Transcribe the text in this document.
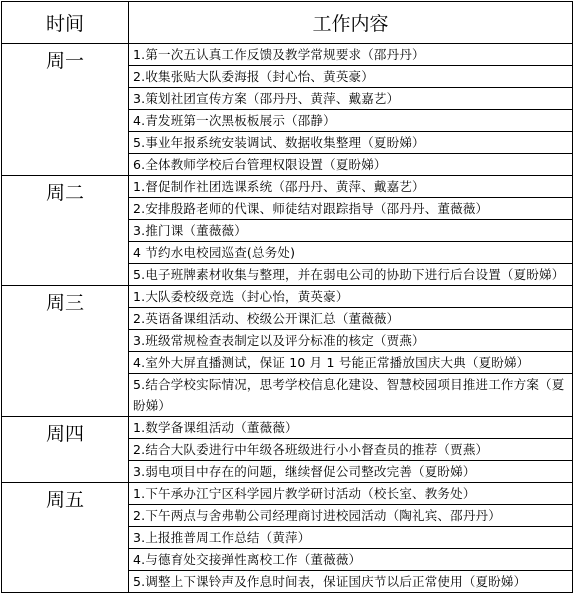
时间	工作内容
周一	1.第一次五认真工作反馈及教学常规要求（邵丹丹）
	2.收集张贴大队委海报（封心怡、黄英豪）
	3.策划社团宣传方案（邵丹丹、黄萍、戴嘉艺）
	4.青发班第一次黑板板展示（邵静）
	5.事业年报系统安装调试、数据收集整理（夏盼娣）
	6.全体教师学校后台管理权限设置（夏盼娣）
周二	1.督促制作社团选课系统（邵丹丹、黄萍、戴嘉艺）
	2.安排殷路老师的代课、师徒结对跟踪指导（邵丹丹、董薇薇）
	3.推门课（董薇薇）
	4 节约水电校园巡查(总务处)
	5.电子班牌素材收集与整理，并在弱电公司的协助下进行后台设置（夏盼娣）
周三	1.大队委校级竞选（封心怡，黄英豪）
	2.英语备课组活动、校级公开课汇总（董薇薇）
	3.班级常规检查表制定以及评分标准的核定（贾燕）
	4.室外大屏直播测试，保证 10 月 1 号能正常播放国庆大典（夏盼娣）
	5.结合学校实际情况，思考学校信息化建设、智慧校园项目推进工作方案（夏盼娣）
周四	1.数学备课组活动（董薇薇）
	2.结合大队委进行中年级各班级进行小小督查员的推荐（贾燕）
	3.弱电项目中存在的问题，继续督促公司整改完善（夏盼娣）
周五	1.下午承办江宁区科学园片教学研讨活动（校长室、教务处）
	2.下午两点与舍弗勒公司经理商讨进校园活动（陶礼宾、邵丹丹）
	3.上报推普周工作总结（黄萍）
	4.与德育处交接弹性离校工作（董薇薇）
	5.调整上下课铃声及作息时间表，保证国庆节以后正常使用（夏盼娣）
